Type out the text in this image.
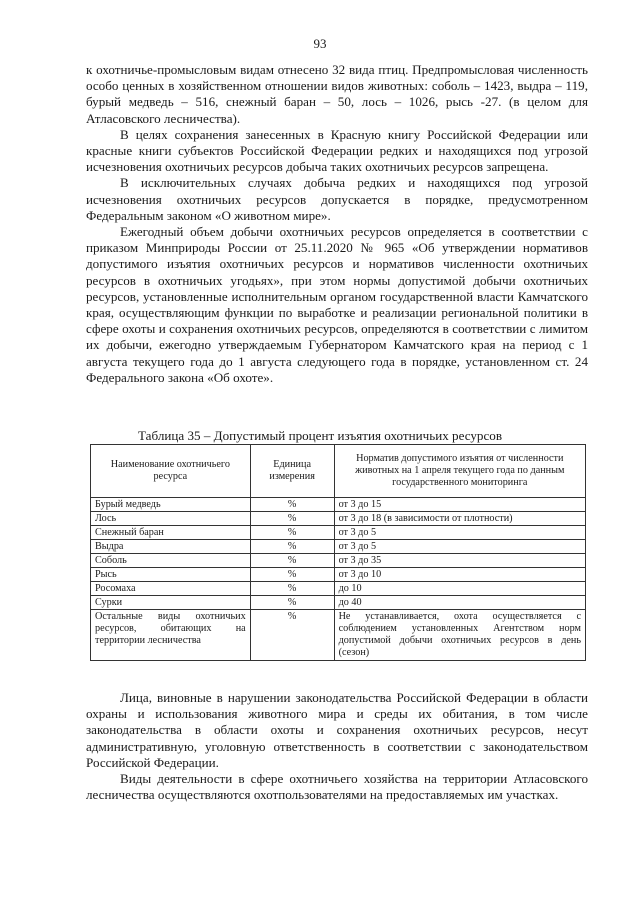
93

к охотничье-промысловым видам отнесено 32 вида птиц. Предпромысловая численность особо ценных в хозяйственном отношении видов животных: соболь – 1423, выдра – 119, бурый медведь – 516, снежный баран – 50, лось – 1026, рысь -27. (в целом для Атласовского лесничества).

В целях сохранения занесенных в Красную книгу Российской Федерации или красные книги субъектов Российской Федерации редких и находящихся под угрозой исчезновения охотничьих ресурсов добыча таких охотничьих ресурсов запрещена.

В исключительных случаях добыча редких и находящихся под угрозой исчезновения охотничьих ресурсов допускается в порядке, предусмотренном Федеральным законом «О животном мире».

Ежегодный объем добычи охотничьих ресурсов определяется в соответствии с приказом Минприроды России от 25.11.2020 № 965 «Об утверждении нормативов допустимого изъятия охотничьих ресурсов и нормативов численности охотничьих ресурсов в охотничьих угодьях», при этом нормы допустимой добычи охотничьих ресурсов, установленные исполнительным органом государственной власти Камчатского края, осуществляющим функции по выработке и реализации региональной политики в сфере охоты и сохранения охотничьих ресурсов, определяются в соответствии с лимитом их добычи, ежегодно утверждаемым Губернатором Камчатского края на период с 1 августа текущего года до 1 августа следующего года в порядке, установленном ст. 24 Федерального закона «Об охоте».

Таблица 35 – Допустимый процент изъятия охотничьих ресурсов
Наименование охотничьего ресурса	Единица измерения	Норматив допустимого изъятия от численности животных на 1 апреля текущего года по данным государственного мониторинга
Бурый медведь	%	от 3 до 15
Лось	%	от 3 до 18 (в зависимости от плотности)
Снежный баран	%	от 3 до 5
Выдра	%	от 3 до 5
Соболь	%	от 3 до 35
Рысь	%	от 3 до 10
Росомаха	%	до 10
Сурки	%	до 40
Остальные виды охотничьих ресурсов, обитающих на территории лесничества	%	Не устанавливается, охота осуществляется с соблюдением установленных Агентством норм допустимой добычи охотничьих ресурсов в день (сезон)

Лица, виновные в нарушении законодательства Российской Федерации в области охраны и использования животного мира и среды их обитания, в том числе законодательства в области охоты и сохранения охотничьих ресурсов, несут административную, уголовную ответственность в соответствии с законодательством Российской Федерации.

Виды деятельности в сфере охотничьего хозяйства на территории Атласовского лесничества осуществляются охотпользователями на предоставляемых им участках.
